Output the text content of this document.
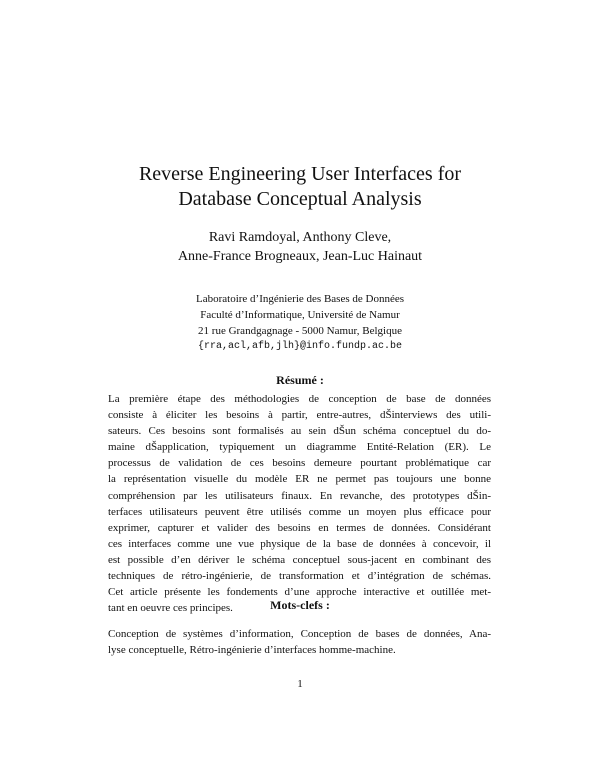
Reverse Engineering User Interfaces for
Database Conceptual Analysis
Ravi Ramdoyal, Anthony Cleve,
Anne-France Brogneaux, Jean-Luc Hainaut
Laboratoire d’Ingénierie des Bases de Données
Faculté d’Informatique, Université de Namur
21 rue Grandgagnage - 5000 Namur, Belgique
{rra,acl,afb,jlh}@info.fundp.ac.be
Résumé :
La première étape des méthodologies de conception de base de données
consiste à éliciter les besoins à partir, entre-autres, dŠinterviews des utili-
sateurs. Ces besoins sont formalisés au sein dŠun schéma conceptuel du do-
maine dŠapplication, typiquement un diagramme Entité-Relation (ER). Le
processus de validation de ces besoins demeure pourtant problématique car
la représentation visuelle du modèle ER ne permet pas toujours une bonne
compréhension par les utilisateurs finaux. En revanche, des prototypes dŠin-
terfaces utilisateurs peuvent être utilisés comme un moyen plus efficace pour
exprimer, capturer et valider des besoins en termes de données. Considérant
ces interfaces comme une vue physique de la base de données à concevoir, il
est possible d’en dériver le schéma conceptuel sous-jacent en combinant des
techniques de rétro-ingénierie, de transformation et d’intégration de schémas.
Cet article présente les fondements d’une approche interactive et outillée met-
tant en oeuvre ces principes.	Mots-clefs :
Conception de systèmes d’information, Conception de bases de données, Ana-
lyse conceptuelle, Rétro-ingénierie d’interfaces homme-machine.
1
